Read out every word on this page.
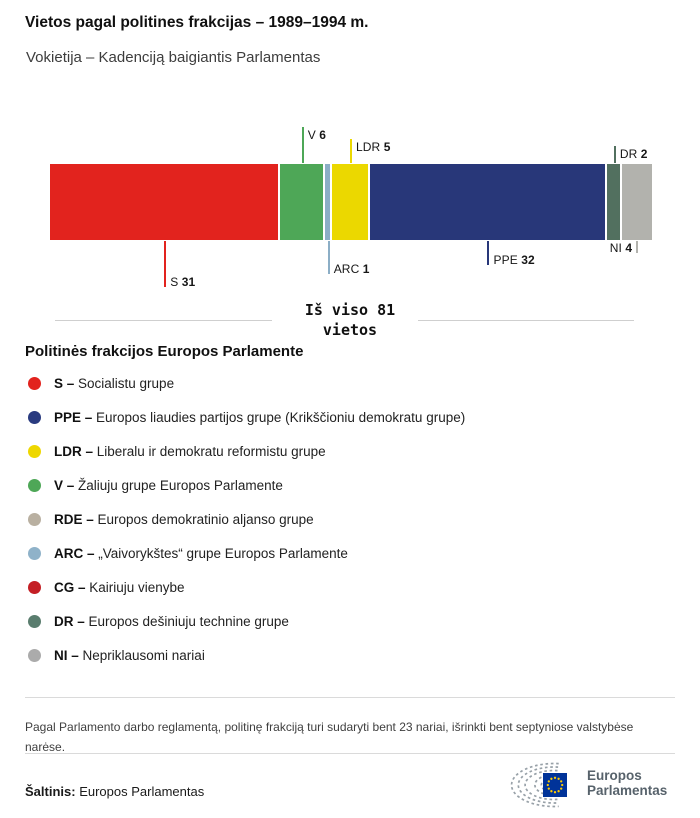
Vietos pagal politines frakcijas – 1989–1994 m.
Vokietija – Kadenciją baigiantis Parlamentas
S 31
V 6
ARC 1
LDR 5
PPE 32
DR 2
NI 4
Iš viso 81
vietos
Politinės frakcijos Europos Parlamente
S – Socialistu grupe
PPE – Europos liaudies partijos grupe (Krikščioniu demokratu grupe)
LDR – Liberalu ir demokratu reformistu grupe
V – Žaliuju grupe Europos Parlamente
RDE – Europos demokratinio aljanso grupe
ARC – „Vaivorykštes“ grupe Europos Parlamente
CG – Kairiuju vienybe
DR – Europos dešiniuju technine grupe
NI – Nepriklausomi nariai

Pagal Parlamento darbo reglamentą, politinę frakciją turi sudaryti bent 23 nariai, išrinkti bent septyniose valstybėse narėse.

Šaltinis: Europos Parlamentas
Europos
Parlamentas
